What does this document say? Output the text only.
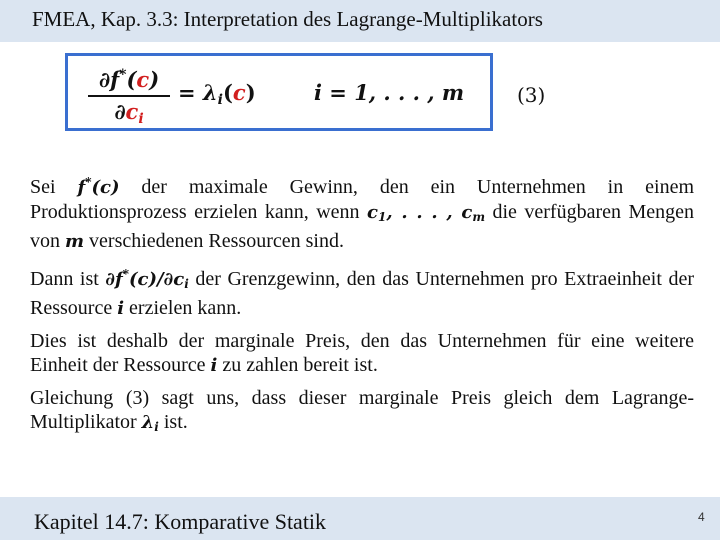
FMEA, Kap. 3.3: Interpretation des Lagrange-Multiplikators
∂f*(c)
$\partial c_i$
= $\lambda_i(c)$	i = 1, . . . , m	(3)

Sei f*(c) der maximale Gewinn, den ein Unternehmen in einem Produktionsprozess erzielen kann, wenn $c_1$, . . . , $c_m$ die verfügbaren Mengen von m verschiedenen Ressourcen sind.

Dann ist $\partial f^*(c)/\partial c_i$ der Grenzgewinn, den das Unternehmen pro Extraeinheit der Ressource i erzielen kann.

Dies ist deshalb der marginale Preis, den das Unternehmen für eine weitere Einheit der Ressource i zu zahlen bereit ist.

Gleichung (3) sagt uns, dass dieser marginale Preis gleich dem Lagrange-Multiplikator $\lambda_i$ ist.

Kapitel 14.7: Komparative Statik	4
